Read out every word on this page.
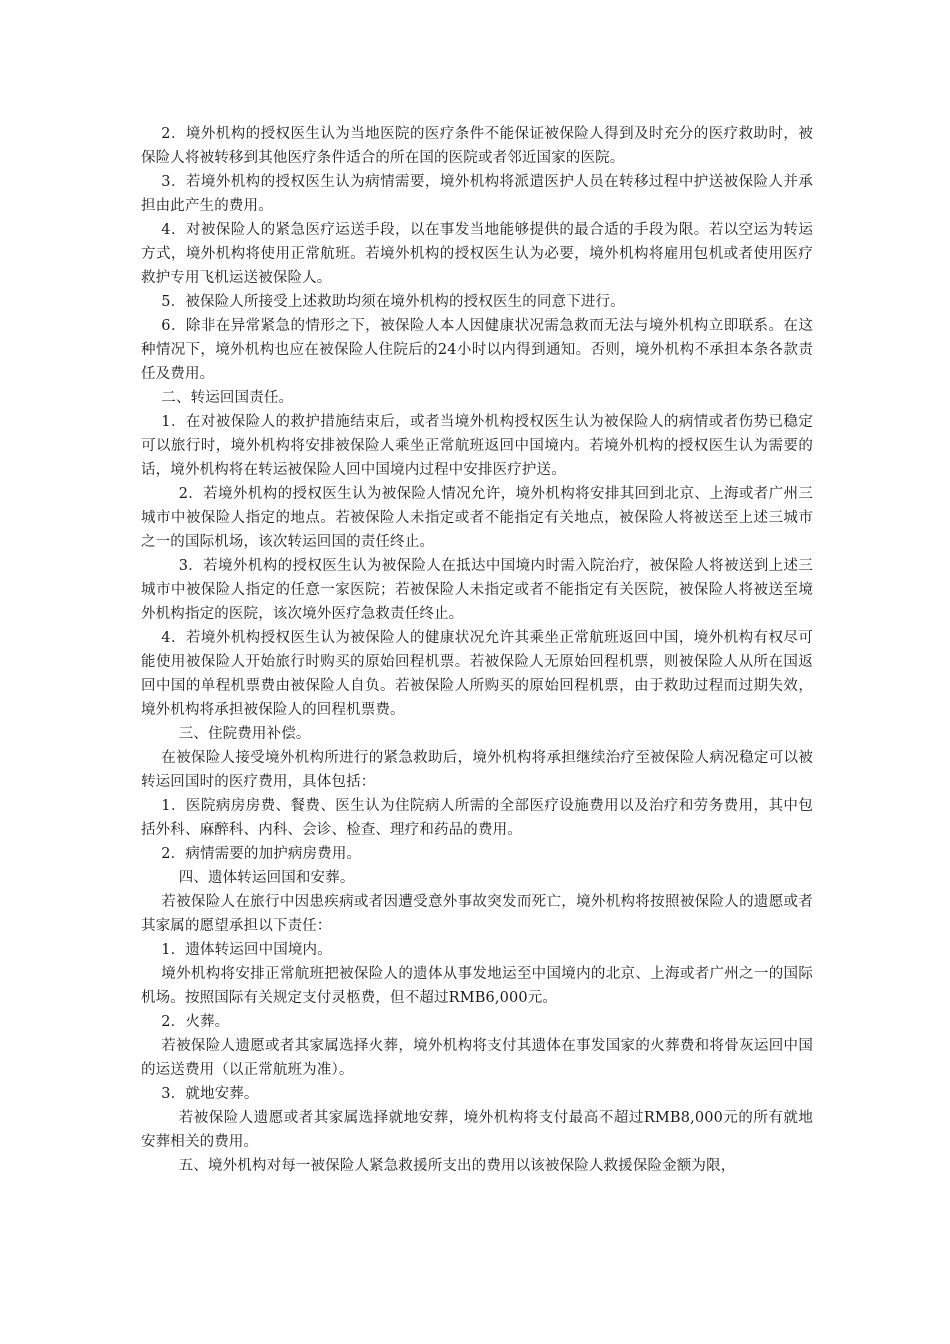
2．境外机构的授权医生认为当地医院的医疗条件不能保证被保险人得到及时充分的医疗救助时，被保险人将被转移到其他医疗条件适合的所在国的医院或者邻近国家的医院。

3．若境外机构的授权医生认为病情需要，境外机构将派遣医护人员在转移过程中护送被保险人并承担由此产生的费用。

4．对被保险人的紧急医疗运送手段，以在事发当地能够提供的最合适的手段为限。若以空运为转运方式，境外机构将使用正常航班。若境外机构的授权医生认为必要，境外机构将雇用包机或者使用医疗救护专用飞机运送被保险人。

5．被保险人所接受上述救助均须在境外机构的授权医生的同意下进行。

6．除非在异常紧急的情形之下，被保险人本人因健康状况需急救而无法与境外机构立即联系。在这种情况下，境外机构也应在被保险人住院后的24小时以内得到通知。否则，境外机构不承担本条各款责任及费用。

二、转运回国责任。

1．在对被保险人的救护措施结束后，或者当境外机构授权医生认为被保险人的病情或者伤势已稳定可以旅行时，境外机构将安排被保险人乘坐正常航班返回中国境内。若境外机构的授权医生认为需要的话，境外机构将在转运被保险人回中国境内过程中安排医疗护送。

2．若境外机构的授权医生认为被保险人情况允许，境外机构将安排其回到北京、上海或者广州三城市中被保险人指定的地点。若被保险人未指定或者不能指定有关地点，被保险人将被送至上述三城市之一的国际机场，该次转运回国的责任终止。

3．若境外机构的授权医生认为被保险人在抵达中国境内时需入院治疗，被保险人将被送到上述三城市中被保险人指定的任意一家医院；若被保险人未指定或者不能指定有关医院，被保险人将被送至境外机构指定的医院，该次境外医疗急救责任终止。

4．若境外机构授权医生认为被保险人的健康状况允许其乘坐正常航班返回中国，境外机构有权尽可能使用被保险人开始旅行时购买的原始回程机票。若被保险人无原始回程机票，则被保险人从所在国返回中国的单程机票费由被保险人自负。若被保险人所购买的原始回程机票，由于救助过程而过期失效，境外机构将承担被保险人的回程机票费。

三、住院费用补偿。

在被保险人接受境外机构所进行的紧急救助后，境外机构将承担继续治疗至被保险人病况稳定可以被转运回国时的医疗费用，具体包括：

1．医院病房房费、餐费、医生认为住院病人所需的全部医疗设施费用以及治疗和劳务费用，其中包括外科、麻醉科、内科、会诊、检查、理疗和药品的费用。

2．病情需要的加护病房费用。

四、遗体转运回国和安葬。

若被保险人在旅行中因患疾病或者因遭受意外事故突发而死亡，境外机构将按照被保险人的遗愿或者其家属的愿望承担以下责任：

1．遗体转运回中国境内。

境外机构将安排正常航班把被保险人的遗体从事发地运至中国境内的北京、上海或者广州之一的国际机场。按照国际有关规定支付灵柩费，但不超过RMB6,000元。

2．火葬。

若被保险人遗愿或者其家属选择火葬，境外机构将支付其遗体在事发国家的火葬费和将骨灰运回中国的运送费用（以正常航班为准）。

3．就地安葬。

若被保险人遗愿或者其家属选择就地安葬，境外机构将支付最高不超过RMB8,000元的所有就地安葬相关的费用。

五、境外机构对每一被保险人紧急救援所支出的费用以该被保险人救援保险金额为限，
